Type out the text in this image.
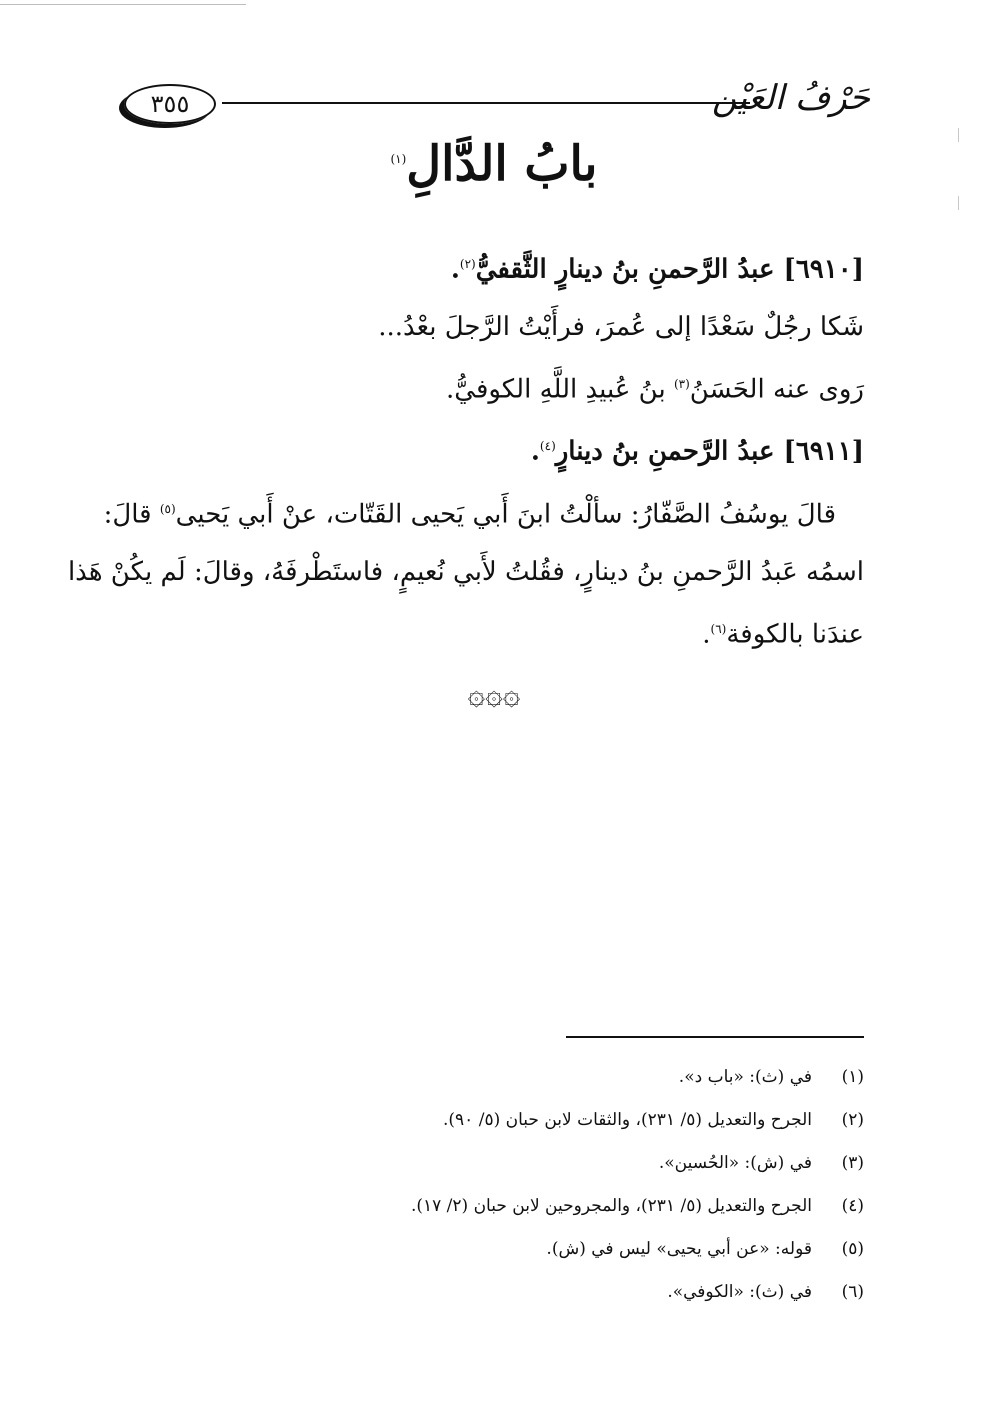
٣٥٥	حَرْفُ العَيْن
بابُ الدَّالِ$^{(١)}$
[٦٩١٠] عبدُ الرَّحمنِ بنُ دينارٍ الثَّقفيُّ$^{(٢)}$.
شَكا رجُلٌ سَعْدًا إلى عُمرَ، فرأَيْتُ الرَّجلَ بعْدُ...
رَوى عنه الحَسَنُ$^{(٣)}$ بنُ عُبيدِ اللَّهِ الكوفيُّ.
[٦٩١١] عبدُ الرَّحمنِ بنُ دينارٍ$^{(٤)}$.
قالَ يوسُفُ الصَّفّارُ: سألْتُ ابنَ أَبي يَحيى القَتّات، عنْ أَبي يَحيى$^{(٥)}$ قالَ:
اسمُه عَبدُ الرَّحمنِ بنُ دينارٍ، فقُلتُ لأَبي نُعيمٍ، فاستَطْرفَهُ، وقالَ: لَم يكُنْ هَذا
عندَنا بالكوفة$^{(٦)}$.
۞۞۞
(١)في (ث): «باب د».
(٢)الجرح والتعديل (٥/ ٢٣١)، والثقات لابن حبان (٥/ ٩٠).
(٣)في (ش): «الحُسين».
(٤)الجرح والتعديل (٥/ ٢٣١)، والمجروحين لابن حبان (٢/ ١٧).
(٥)قوله: «عن أبي يحيى» ليس في (ش).
(٦)في (ث): «الكوفي».
